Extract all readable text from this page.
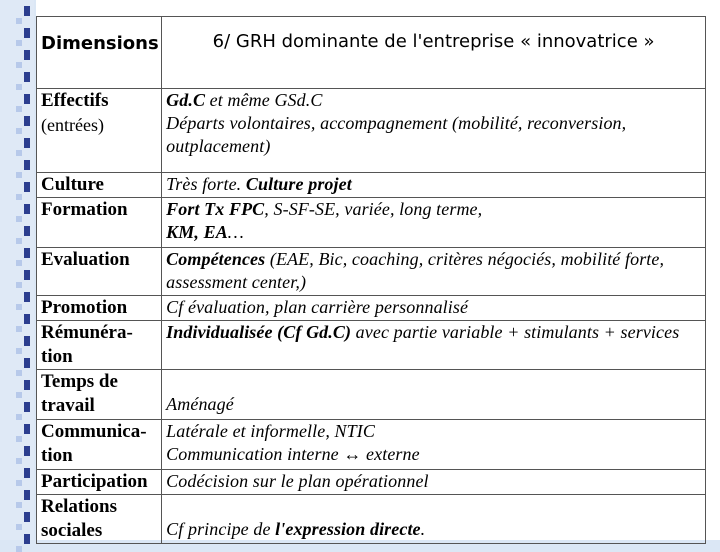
Dimensions	6/ GRH dominante de l'entreprise « innovatrice »
Effectifs
(entrées)	Gd.C et même GSd.C
Départs volontaires, accompagnement (mobilité, reconversion, outplacement)
Culture	Très forte. Culture projet
Formation	Fort Tx FPC, S-SF-SE, variée, long terme,
KM, EA…
Evaluation	Compétences (EAE, Bic, coaching, critères négociés, mobilité forte, assessment center,)
Promotion	Cf évaluation, plan carrière personnalisé
Rémunéra-
tion	Individualisée (Cf Gd.C) avec partie variable + stimulants + services
Temps de
travail	Aménagé
Communica-
tion	Latérale et informelle, NTIC
Communication interne ↔ externe
Participation	Codécision sur le plan opérationnel
Relations
sociales	Cf principe de l'expression directe.
